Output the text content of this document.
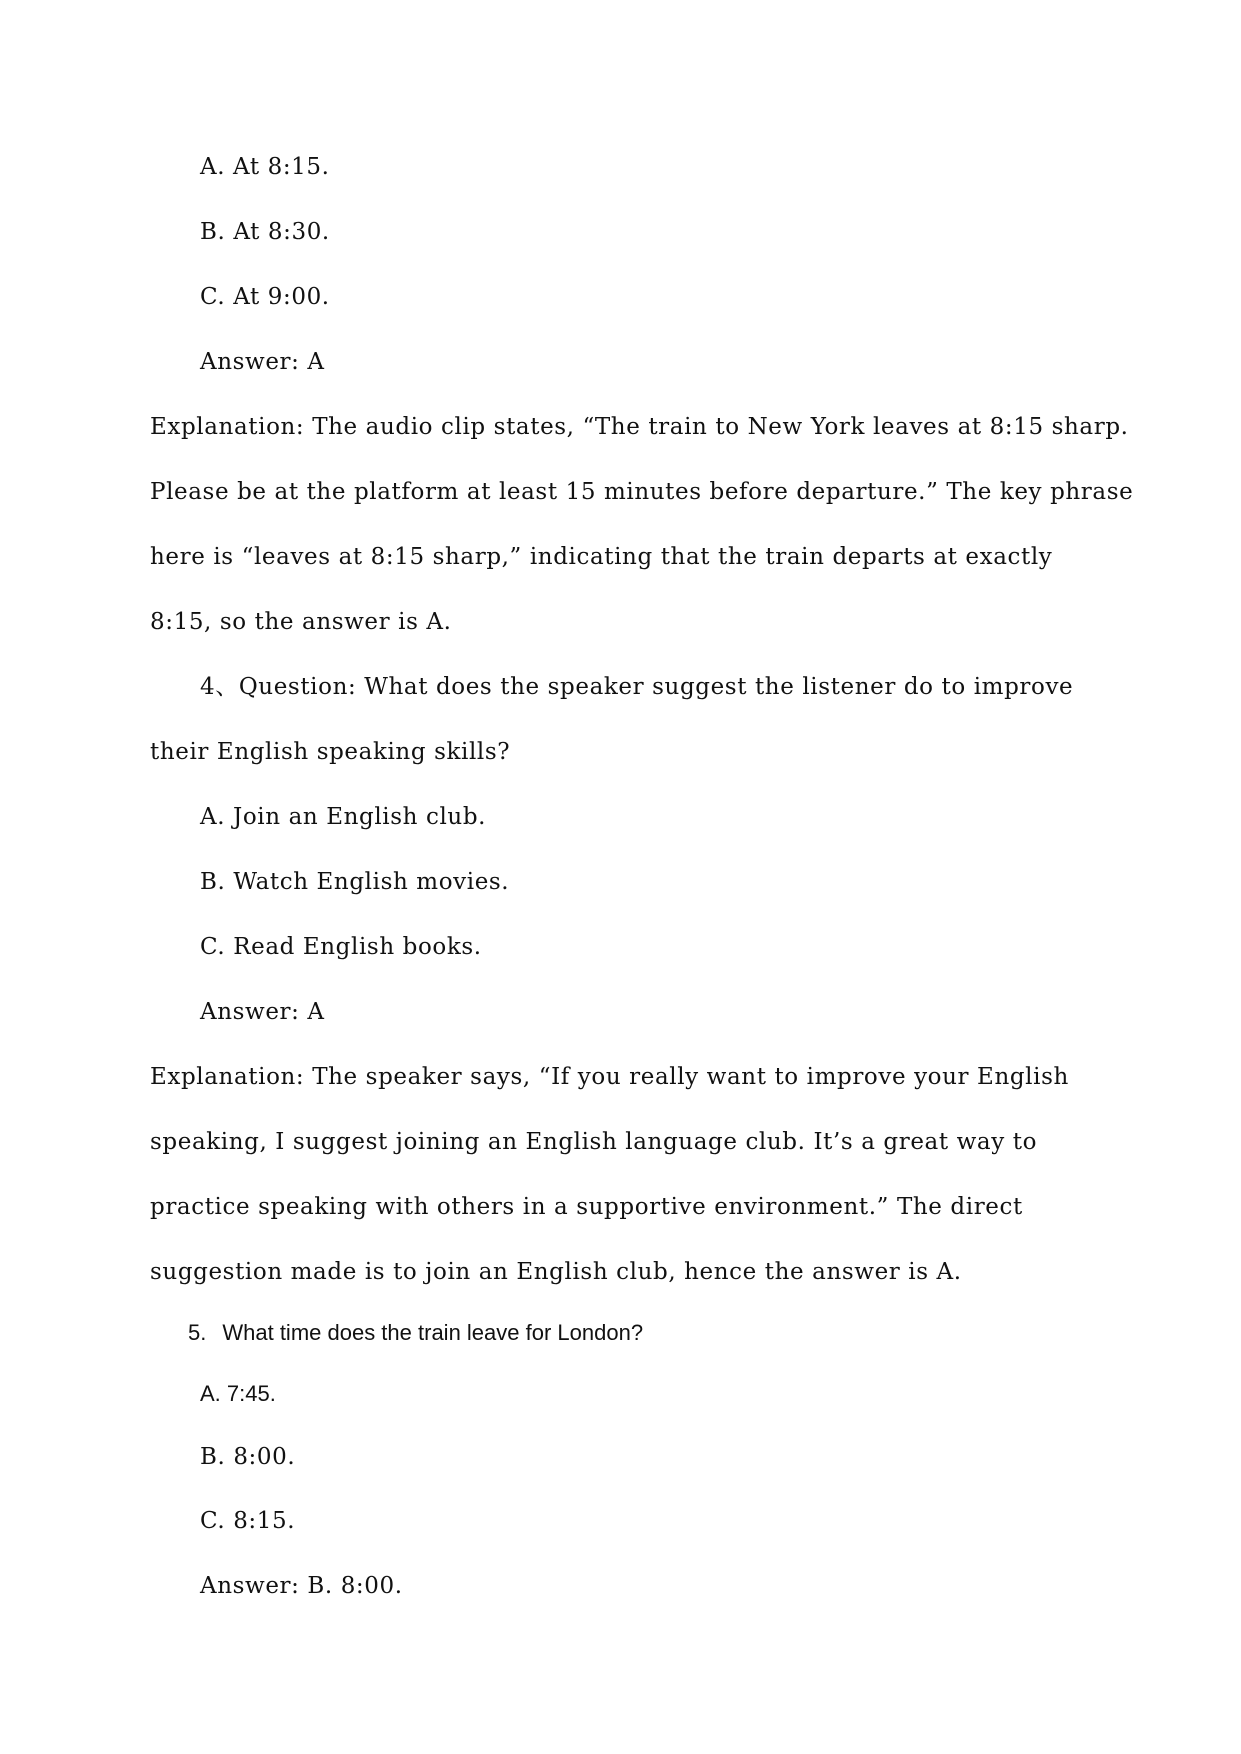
A. At 8:15.

B. At 8:30.

C. At 9:00.

Answer: A

Explanation: The audio clip states, “The train to New York leaves at 8:15 sharp.

Please be at the platform at least 15 minutes before departure.” The key phrase

here is “leaves at 8:15 sharp,” indicating that the train departs at exactly

8:15, so the answer is A.

4、Question: What does the speaker suggest the listener do to improve

their English speaking skills?

A. Join an English club.

B. Watch English movies.

C. Read English books.

Answer: A

Explanation: The speaker says, “If you really want to improve your English

speaking, I suggest joining an English language club. It’s a great way to

practice speaking with others in a supportive environment.” The direct

suggestion made is to join an English club, hence the answer is A.

5. What time does the train leave for London?

A. 7:45.

B. 8:00.

C. 8:15.

Answer: B. 8:00.
